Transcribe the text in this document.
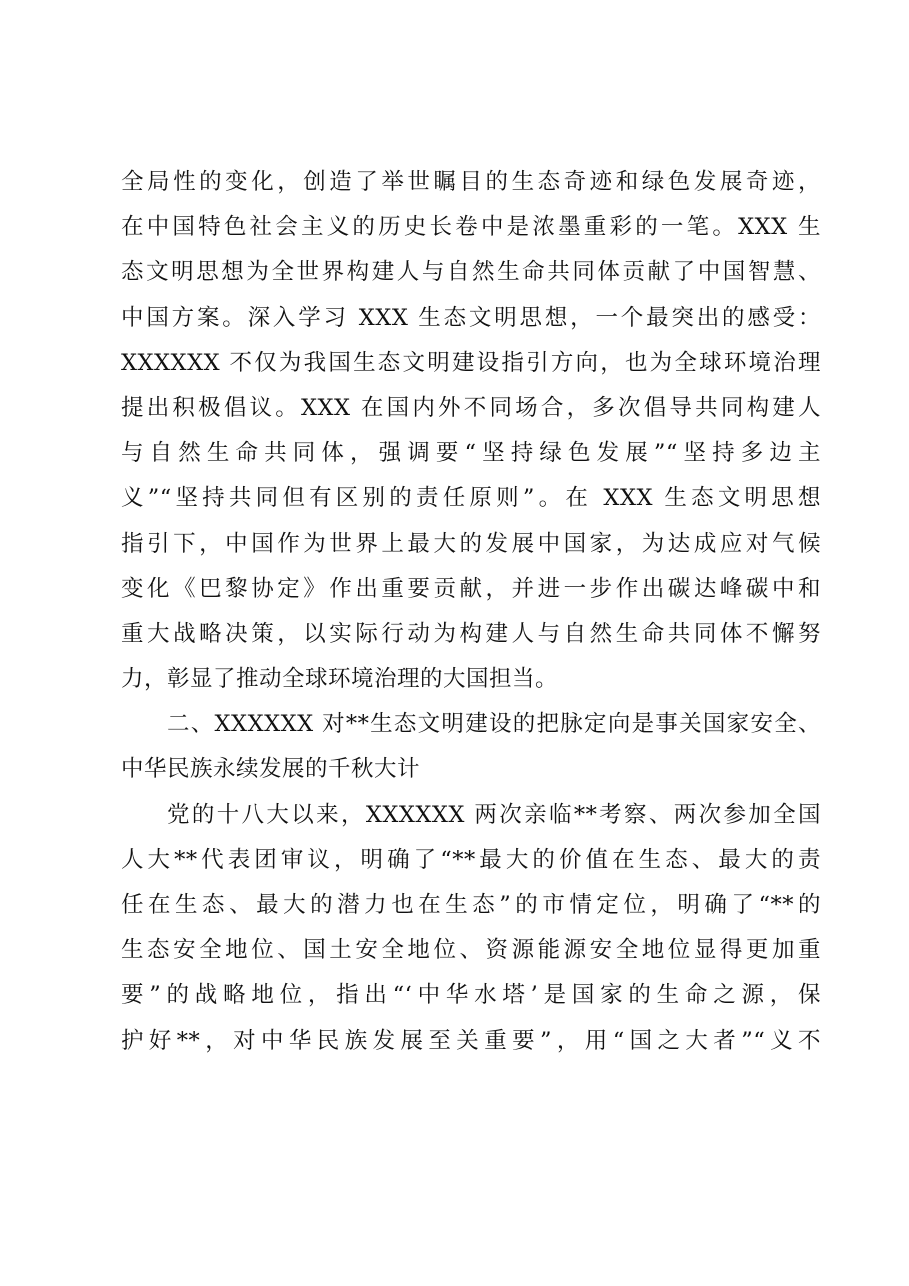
全局性的变化，创造了举世瞩目的生态奇迹和绿色发展奇迹，
在中国特色社会主义的历史长卷中是浓墨重彩的一笔。XXX 生
态文明思想为全世界构建人与自然生命共同体贡献了中国智慧、
中国方案。深入学习 XXX 生态文明思想，一个最突出的感受：
XXXXXX 不仅为我国生态文明建设指引方向，也为全球环境治理
提出积极倡议。XXX 在国内外不同场合，多次倡导共同构建人
与自然生命共同体，强调要“坚持绿色发展”“坚持多边主
义”“坚持共同但有区别的责任原则”。在 XXX 生态文明思想
指引下，中国作为世界上最大的发展中国家，为达成应对气候
变化《巴黎协定》作出重要贡献，并进一步作出碳达峰碳中和
重大战略决策，以实际行动为构建人与自然生命共同体不懈努
力，彰显了推动全球环境治理的大国担当。
二、XXXXXX 对**生态文明建设的把脉定向是事关国家安全、
中华民族永续发展的千秋大计
党的十八大以来，XXXXXX 两次亲临**考察、两次参加全国
人大**代表团审议，明确了“**最大的价值在生态、最大的责
任在生态、最大的潜力也在生态”的市情定位，明确了“**的
生态安全地位、国土安全地位、资源能源安全地位显得更加重
要”的战略地位，指出“‘中华水塔’是国家的生命之源，保
护好**，对中华民族发展至关重要”，用“国之大者”“义不
